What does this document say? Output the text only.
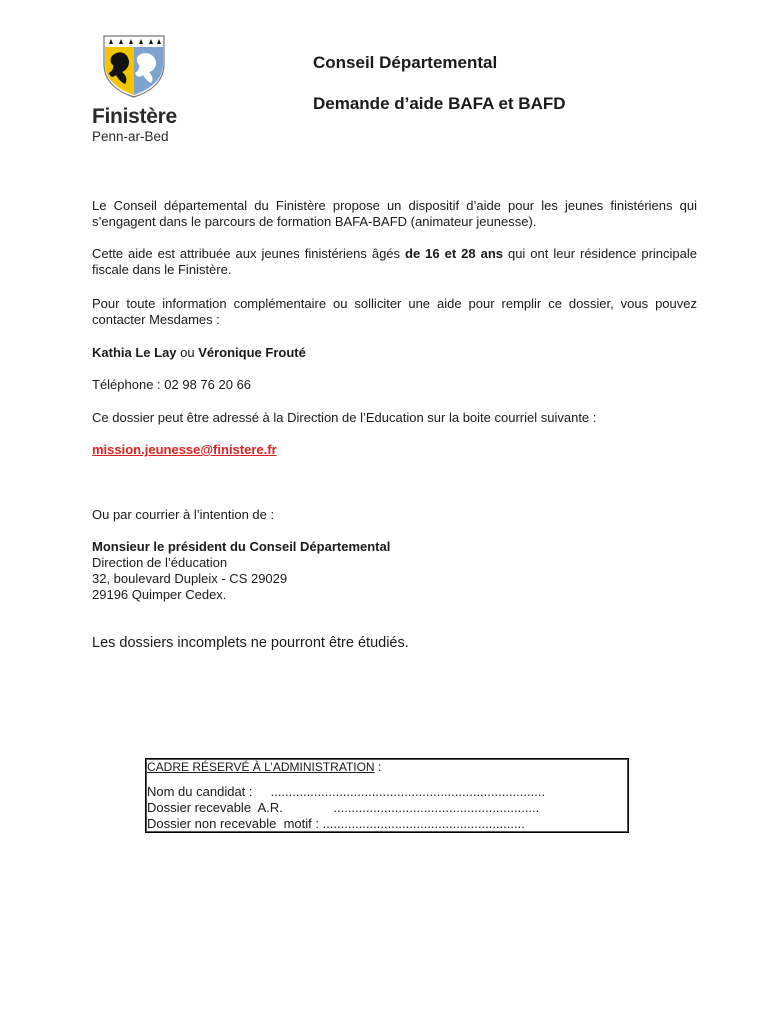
Finistère
Penn-ar-Bed
Conseil Départemental
Demande d’aide BAFA et BAFD
Le Conseil départemental du Finistère propose un dispositif d’aide pour les jeunes finistériens qui s’engagent dans le parcours de formation BAFA-BAFD (animateur jeunesse).
Cette aide est attribuée aux jeunes finistériens âgés de 16 et 28 ans qui ont leur résidence principale fiscale dans le Finistère.
Pour toute information complémentaire ou solliciter une aide pour remplir ce dossier, vous pouvez contacter Mesdames :
Kathia Le Lay ou Véronique Frouté
Téléphone : 02 98 76 20 66
Ce dossier peut être adressé à la Direction de l’Education sur la boite courriel suivante :
mission.jeunesse@finistere.fr
Ou par courrier à l’intention de :
Monsieur le président du Conseil Départemental
Direction de l’éducation
32, boulevard Dupleix - CS 29029
29196 Quimper Cedex.
Les dossiers incomplets ne pourront être étudiés.
CADRE RÉSERVÉ À L’ADMINISTRATION :
Nom du candidat :     ............................................................................
Dossier recevable  A.R.              .........................................................
Dossier non recevable  motif : ........................................................
